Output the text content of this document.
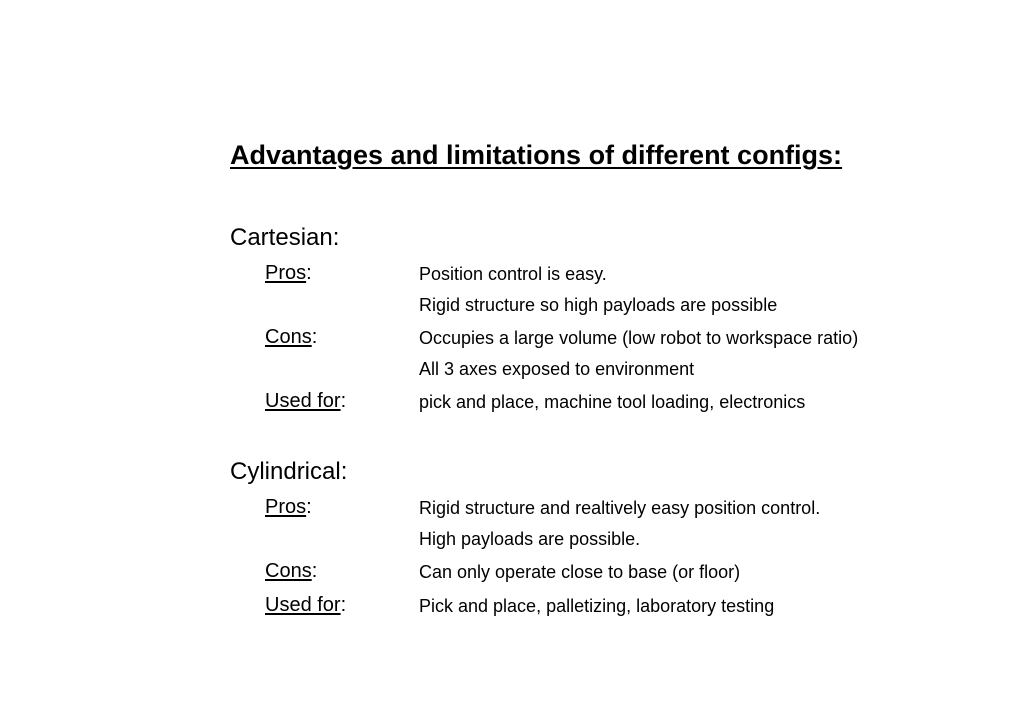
Advantages and limitations of different configs:
Cartesian:
Pros:	Position control is easy.
Rigid structure so high payloads are possible
Cons:	Occupies a large volume (low robot to workspace ratio)
All 3 axes exposed to environment
Used for:	pick and place, machine tool loading, electronics
Cylindrical:
Pros:	Rigid structure and realtively easy position control.
High payloads are possible.
Cons:	Can only operate close to base (or floor)
Used for:	Pick and place, palletizing, laboratory testing
